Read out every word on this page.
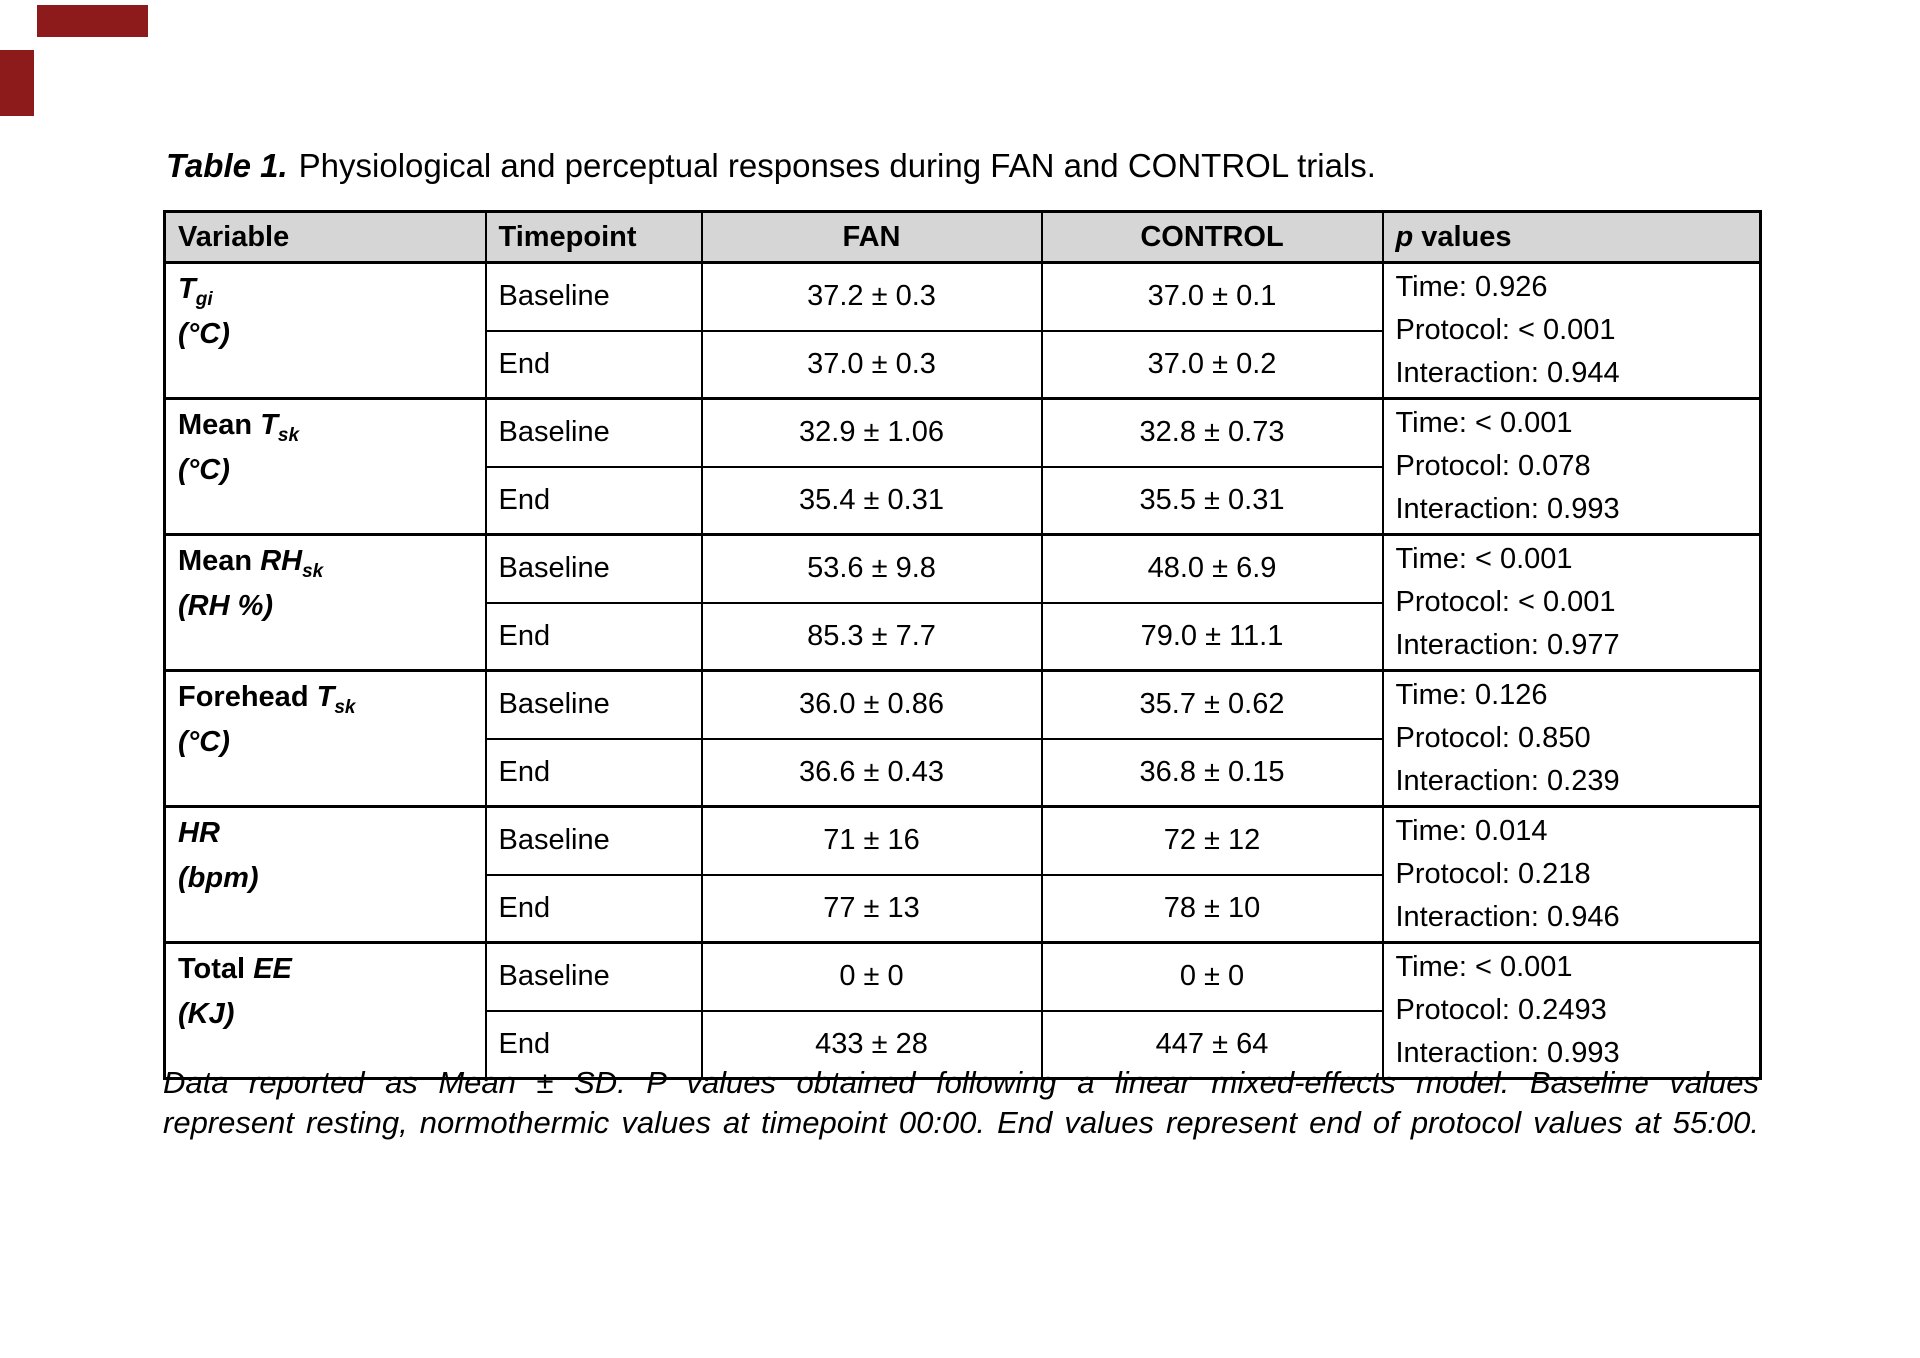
Table 1. Physiological and perceptual responses during FAN and CONTROL trials.
Variable	Timepoint	FAN	CONTROL	p values

$T_{gi}$
(°C)
	Baseline	37.2 ± 0.3	37.0 ± 0.1	Time: 0.926
Protocol: < 0.001
Interaction: 0.944

	End	37.0 ± 0.3	37.0 ± 0.2	

Mean $T_{sk}$
(°C)
	Baseline	32.9 ± 1.06	32.8 ± 0.73	Time: < 0.001
Protocol: 0.078
Interaction: 0.993

	End	35.4 ± 0.31	35.5 ± 0.31	

Mean $RH_{sk}$
(RH %)
	Baseline	53.6 ± 9.8	48.0 ± 6.9	Time: < 0.001
Protocol: < 0.001
Interaction: 0.977

	End	85.3 ± 7.7	79.0 ± 11.1	

Forehead $T_{sk}$
(°C)
	Baseline	36.0 ± 0.86	35.7 ± 0.62	Time: 0.126
Protocol: 0.850
Interaction: 0.239

	End	36.6 ± 0.43	36.8 ± 0.15	

HR
(bpm)
	Baseline	71 ± 16	72 ± 12	Time: 0.014
Protocol: 0.218
Interaction: 0.946

	End	77 ± 13	78 ± 10	

Total EE
(KJ)
	Baseline	0 ± 0	0 ± 0	Time: < 0.001
Protocol: 0.2493
Interaction: 0.993

	End	433 ± 28	447 ± 64	
Data reported as Mean ± SD. P values obtained following a linear mixed-effects model. Baseline values
represent resting, normothermic values at timepoint 00:00. End values represent end of protocol values at 55:00.
